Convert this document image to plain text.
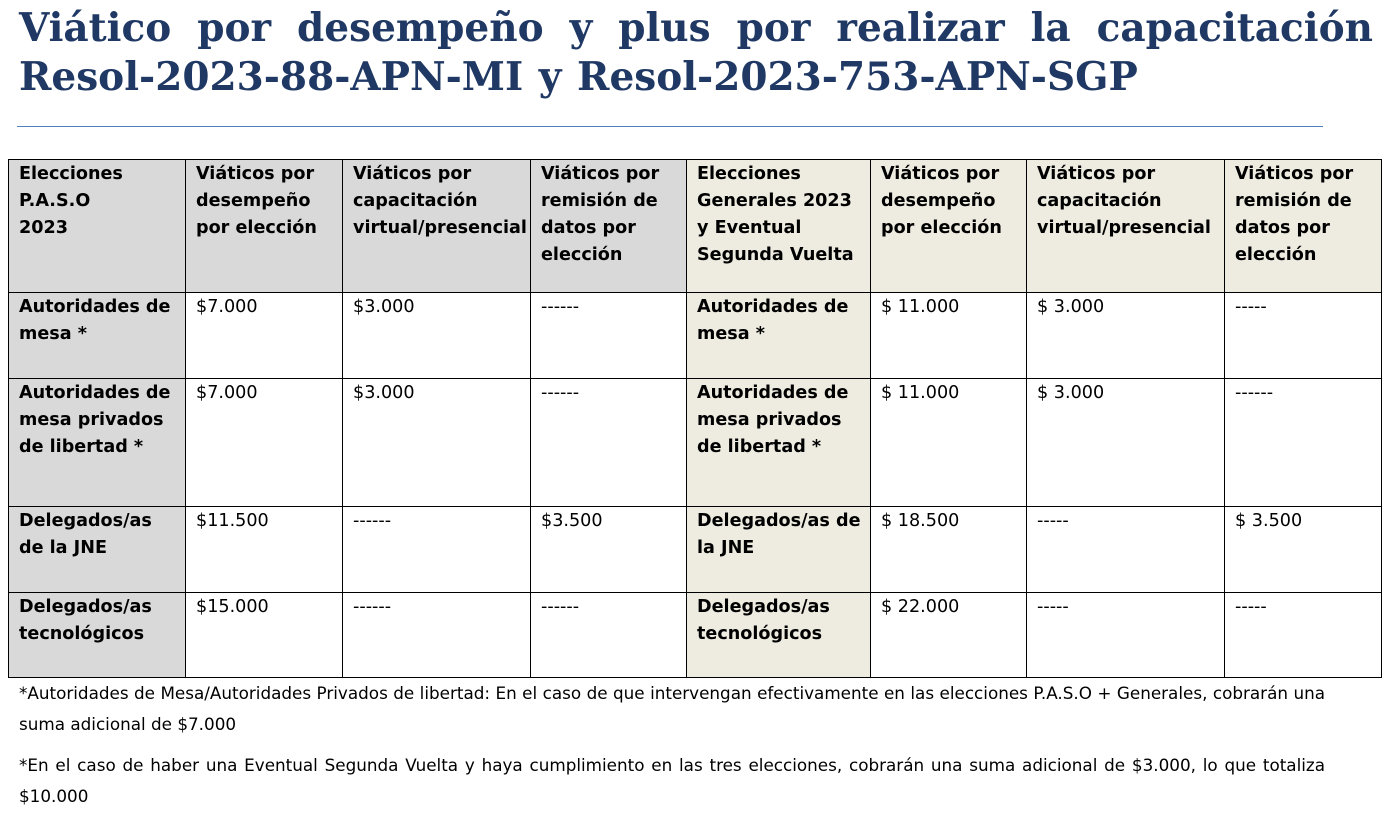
Viático por desempeño y plus por realizar la capacitación Resol-2023-88-APN-MI y Resol-2023-753-APN-SGP
Elecciones
P.A.S.O
2023	Viáticos por desempeño por elección	Viáticos por capacitación virtual/presencial	Viáticos por remisión de datos por elección	Elecciones Generales 2023 y Eventual Segunda Vuelta	Viáticos por desempeño por elección	Viáticos por capacitación virtual/presencial	Viáticos por remisión de datos por elección
Autoridades de mesa *	$7.000	$3.000	------	Autoridades de mesa *	$ 11.000	$ 3.000	-----
Autoridades de mesa privados de libertad *	$7.000	$3.000	------	Autoridades de mesa privados de libertad *	$ 11.000	$ 3.000	------
Delegados/as de la JNE	$11.500	------	$3.500	Delegados/as de la JNE	$ 18.500	-----	$ 3.500
Delegados/as tecnológicos	$15.000	------	------	Delegados/as tecnológicos	$ 22.000	-----	-----

*Autoridades de Mesa/Autoridades Privados de libertad: En el caso de que intervengan efectivamente en las elecciones P.A.S.O + Generales, cobrarán una suma adicional de $7.000

*En el caso de haber una Eventual Segunda Vuelta y haya cumplimiento en las tres elecciones, cobrarán una suma adicional de $3.000, lo que totaliza $10.000
